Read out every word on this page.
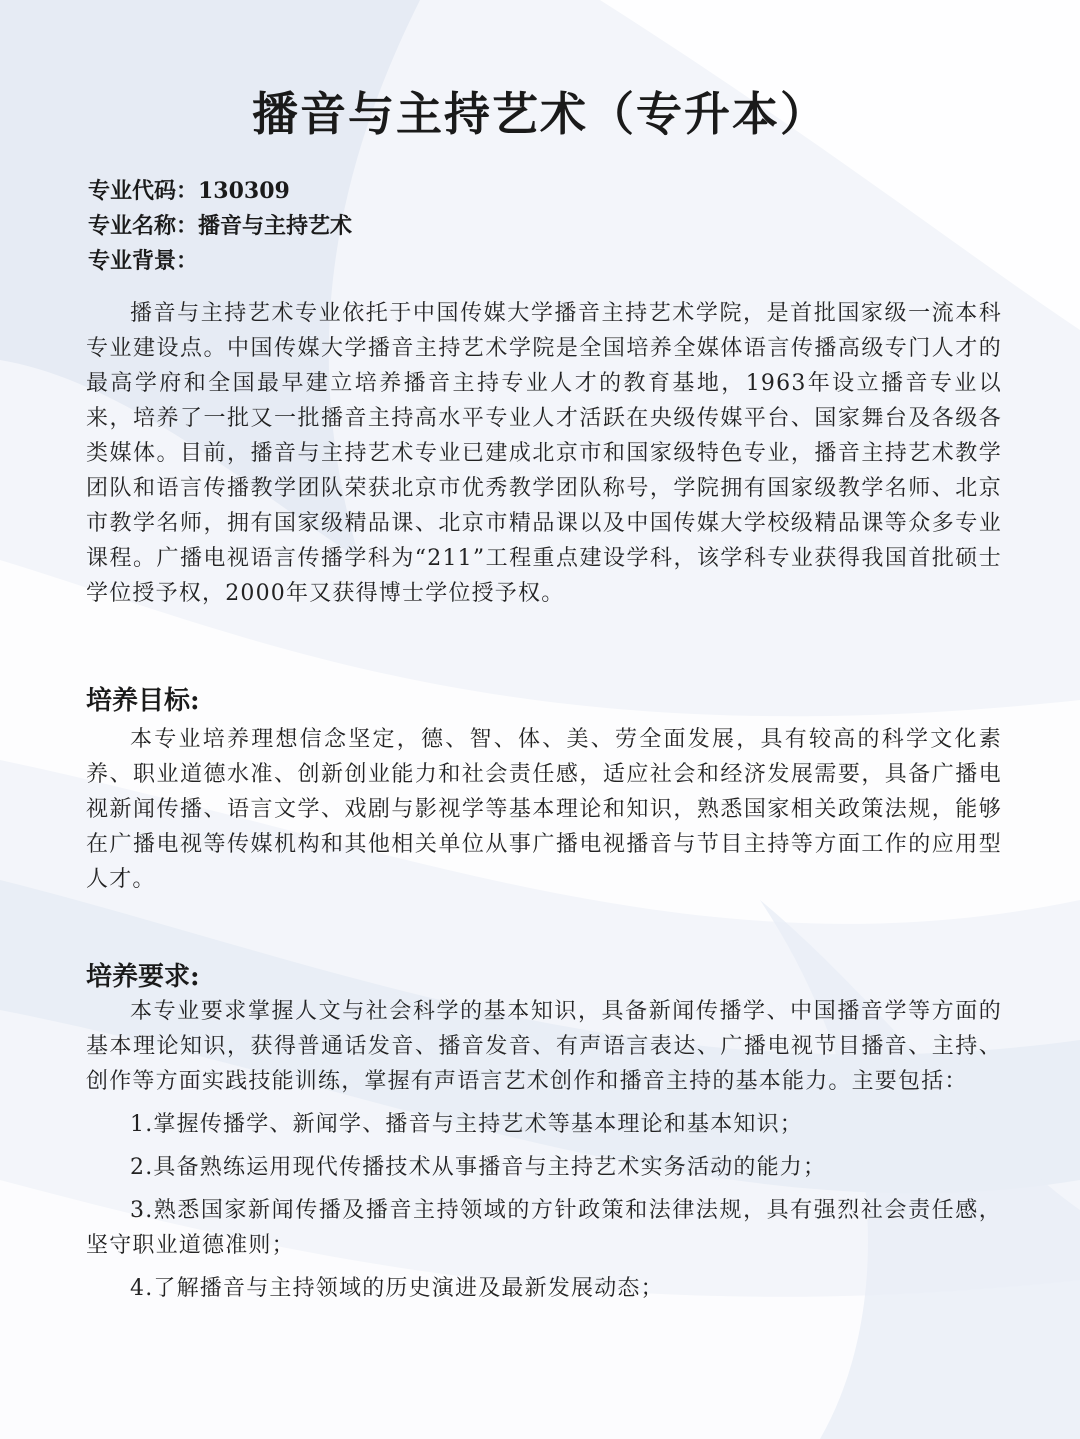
播音与主持艺术（专升本）
专业代码：130309
专业名称：播音与主持艺术
专业背景：

播音与主持艺术专业依托于中国传媒大学播音主持艺术学院，是首批国家级一流本科专业建设点。中国传媒大学播音主持艺术学院是全国培养全媒体语言传播高级专门人才的最高学府和全国最早建立培养播音主持专业人才的教育基地，1963年设立播音专业以来，培养了一批又一批播音主持高水平专业人才活跃在央级传媒平台、国家舞台及各级各类媒体。目前，播音与主持艺术专业已建成北京市和国家级特色专业，播音主持艺术教学团队和语言传播教学团队荣获北京市优秀教学团队称号，学院拥有国家级教学名师、北京市教学名师，拥有国家级精品课、北京市精品课以及中国传媒大学校级精品课等众多专业课程。广播电视语言传播学科为“211”工程重点建设学科，该学科专业获得我国首批硕士学位授予权，2000年又获得博士学位授予权。

培养目标:

本专业培养理想信念坚定，德、智、体、美、劳全面发展，具有较高的科学文化素养、职业道德水准、创新创业能力和社会责任感，适应社会和经济发展需要，具备广播电视新闻传播、语言文学、戏剧与影视学等基本理论和知识，熟悉国家相关政策法规，能够在广播电视等传媒机构和其他相关单位从事广播电视播音与节目主持等方面工作的应用型人才。

培养要求:

本专业要求掌握人文与社会科学的基本知识，具备新闻传播学、中国播音学等方面的基本理论知识，获得普通话发音、播音发音、有声语言表达、广播电视节目播音、主持、创作等方面实践技能训练，掌握有声语言艺术创作和播音主持的基本能力。主要包括：

1.掌握传播学、新闻学、播音与主持艺术等基本理论和基本知识；

2.具备熟练运用现代传播技术从事播音与主持艺术实务活动的能力；

3.熟悉国家新闻传播及播音主持领域的方针政策和法律法规，具有强烈社会责任感，坚守职业道德准则；

4.了解播音与主持领域的历史演进及最新发展动态；
